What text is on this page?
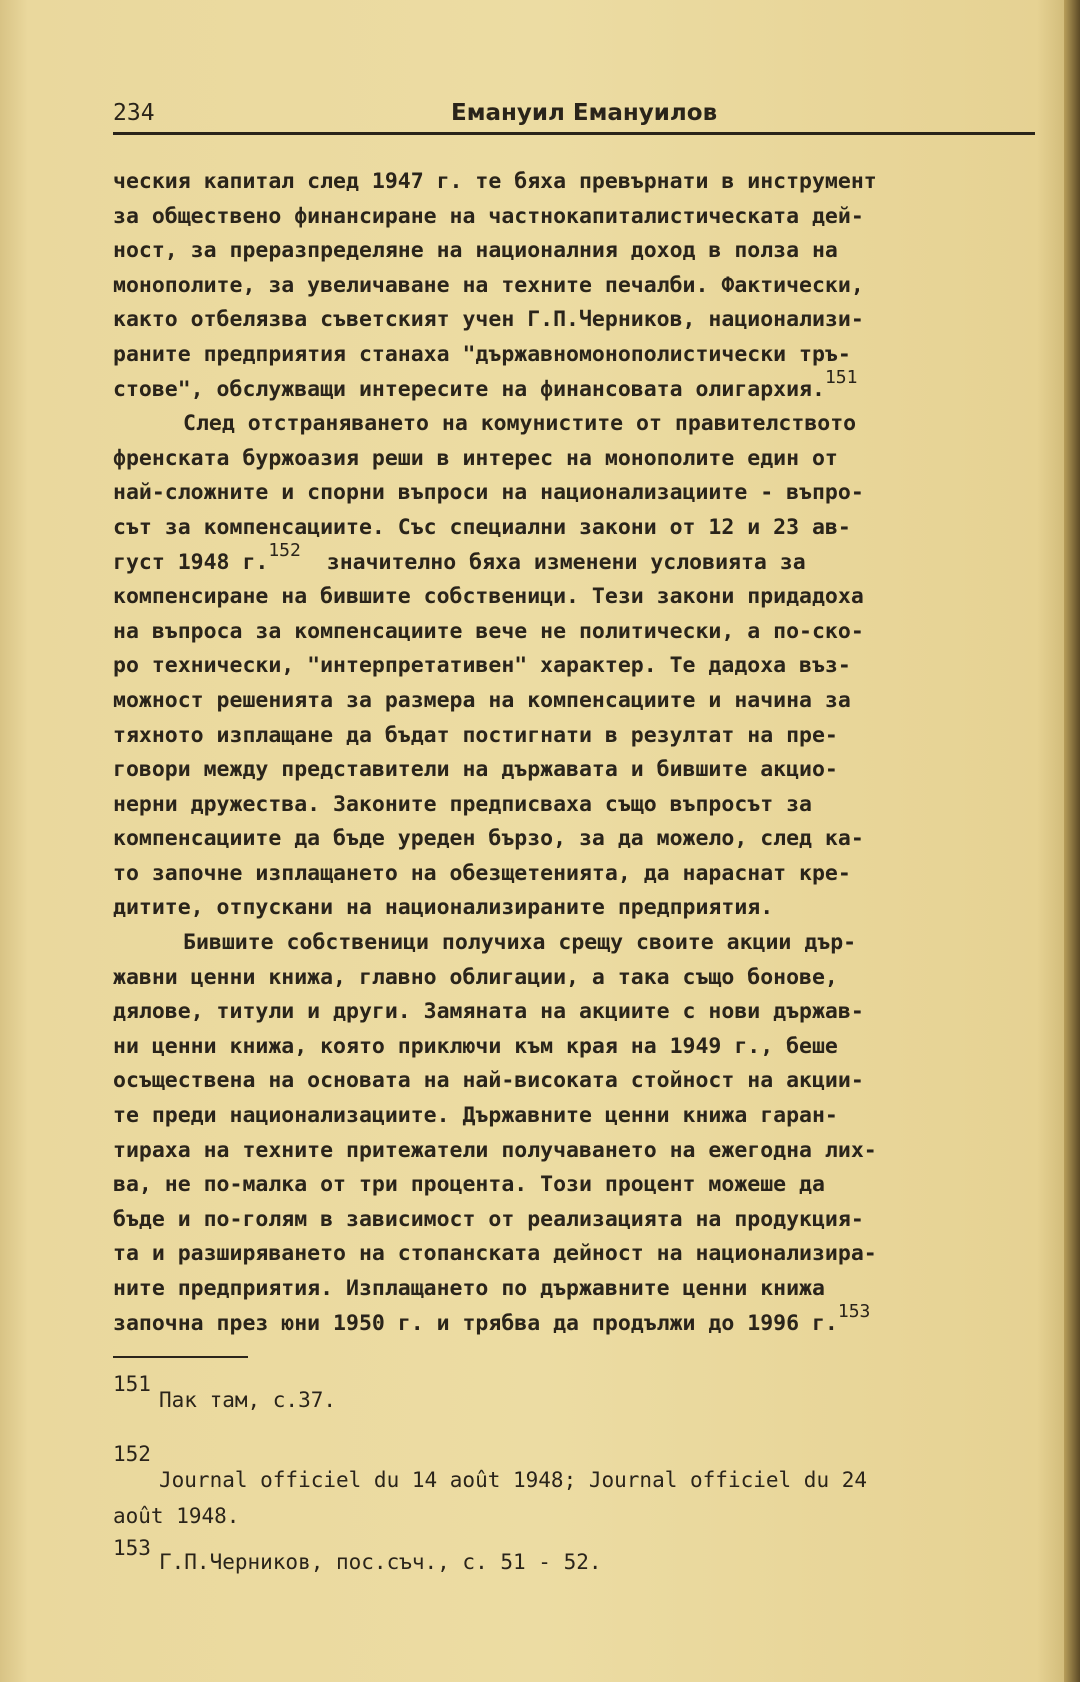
234	Емануил Емануилов
ческия капитал след 1947 г. те бяха превърнати в инструмент
за обществено финансиране на частнокапиталистическата дей-
ност, за преразпределяне на националния доход в полза на
монополите, за увеличаване на техните печалби. Фактически,
както отбелязва съветският учен Г.П.Черников, национализи-
раните предприятия станаха "държавномонополистически тръ-
стове", обслужващи интересите на финансовата олигархия.$^{151}$
След отстраняването на комунистите от правителството
френската буржоазия реши в интерес на монополите един от
най-сложните и спорни въпроси на национализациите - въпро-
сът за компенсациите. Със специални закони от 12 и 23 ав-
густ 1948 г.$^{152}$  значително бяха изменени условията за
компенсиране на бившите собственици. Тези закони придадоха
на въпроса за компенсациите вече не политически, а по-ско-
ро технически, "интерпретативен" характер. Те дадоха въз-
можност решенията за размера на компенсациите и начина за
тяхното изплащане да бъдат постигнати в резултат на пре-
говори между представители на държавата и бившите акцио-
нерни дружества. Законите предписваха също въпросът за
компенсациите да бъде уреден бързо, за да можело, след ка-
то започне изплащането на обезщетенията, да нараснат кре-
дитите, отпускани на национализираните предприятия.
Бившите собственици получиха срещу своите акции дър-
жавни ценни книжа, главно облигации, а така също бонове,
дялове, титули и други. Замяната на акциите с нови държав-
ни ценни книжа, която приключи към края на 1949 г., беше
осъществена на основата на най-високата стойност на акции-
те преди национализациите. Държавните ценни книжа гаран-
тираха на техните притежатели получаването на ежегодна лих-
ва, не по-малка от три процента. Този процент можеше да
бъде и по-голям в зависимост от реализацията на продукция-
та и разширяването на стопанската дейност на национализира-
ните предприятия. Изплащането по държавните ценни книжа
започна през юни 1950 г. и трябва да продължи до 1996 г.$^{153}$
151
Пак там, с.37.
152
Journal officiel du 14 août 1948; Journal officiel du 24
août 1948.
153
Г.П.Черников, пос.съч., с. 51 - 52.
